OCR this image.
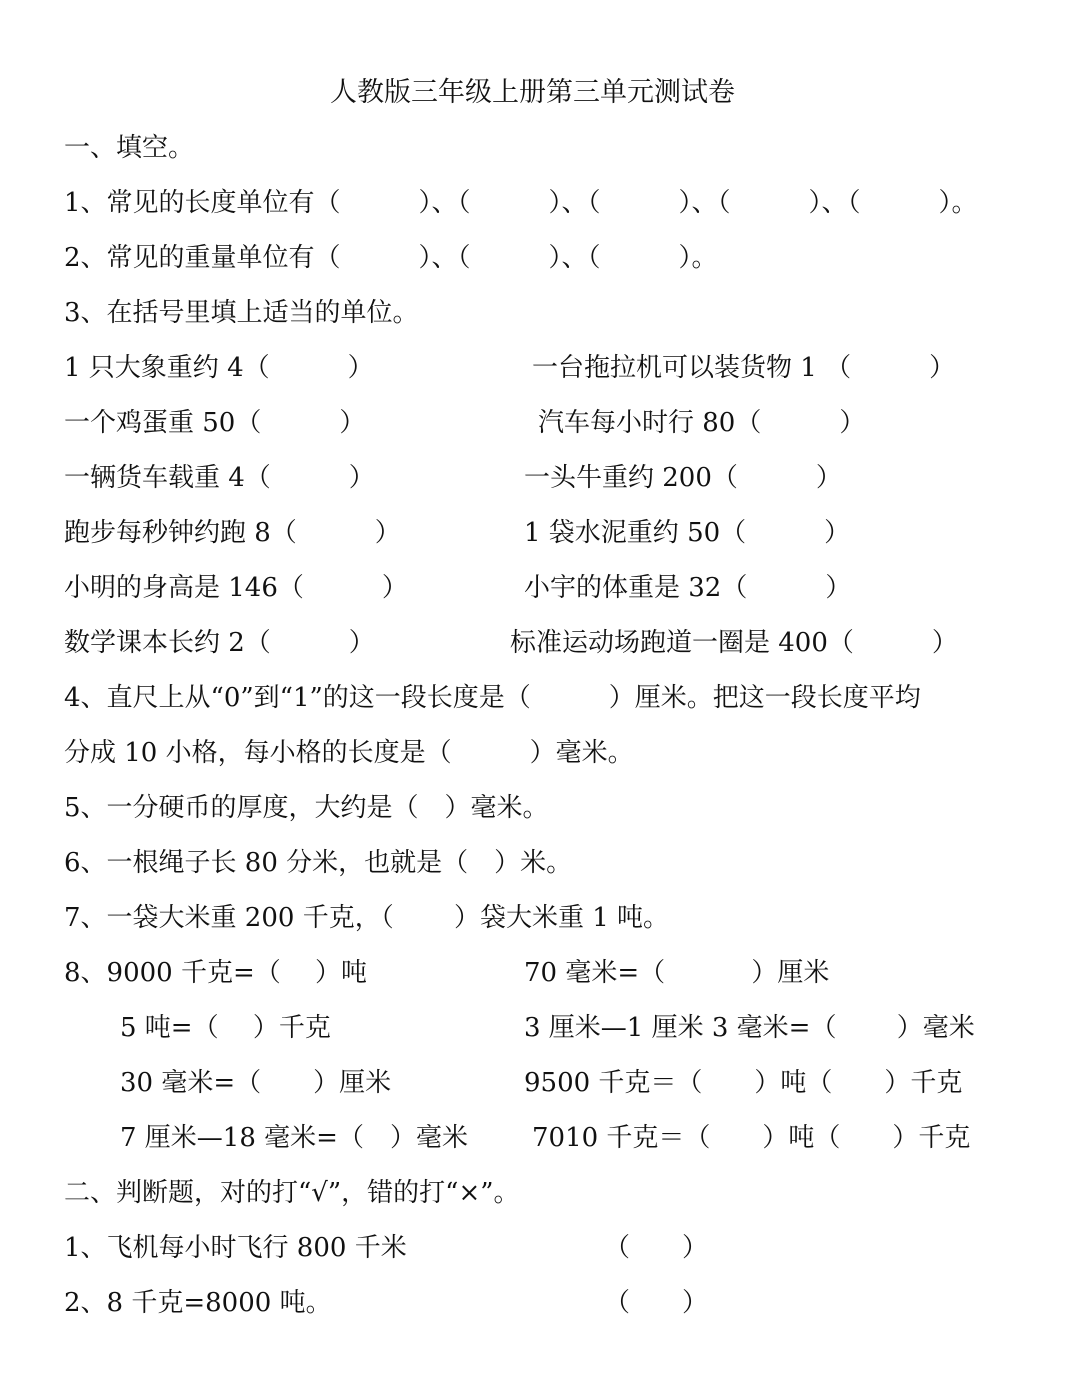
人教版三年级上册第三单元测试卷
一、填空。
1、常见的长度单位有（　　　）、（　　　）、（　　　）、（　　　）、（　　　）。
2、常见的重量单位有（　　　）、（　　　）、（　　　）。
3、在括号里填上适当的单位。
1 只大象重约 4（　　　）	一台拖拉机可以装货物 1 （　　　）
一个鸡蛋重 50（　　　）	汽车每小时行 80（　　　）
一辆货车载重 4（　　　）	一头牛重约 200（　　　）
跑步每秒钟约跑 8（　　　）	1 袋水泥重约 50（　　　）
小明的身高是 146（　　　）	小宇的体重是 32（　　　）
数学课本长约 2（　　　）	标准运动场跑道一圈是 400（　　　）
4、直尺上从“0”到“1”的这一段长度是（　　　）厘米。把这一段长度平均
分成 10 小格，每小格的长度是（　　　）毫米。
5、一分硬币的厚度，大约是（　）毫米。
6、一根绳子长 80 分米，也就是（　）米。
7、一袋大米重 200 千克，（　　 ）袋大米重 1 吨。
8、9000 千克=（　 ）吨	70 毫米=（　　　 ）厘米
5 吨=（　 ）千克	3 厘米—1 厘米 3 毫米=（　　 ）毫米
30 毫米=（　　）厘米	9500 千克＝（　　）吨（　　）千克
7 厘米—18 毫米=（　）毫米 7010 千克＝（　　）吨（　　）千克
二、判断题，对的打“√”，错的打“×”。
1、飞机每小时飞行 800 千米	（　　）
2、8 千克=8000 吨。	（　　）
